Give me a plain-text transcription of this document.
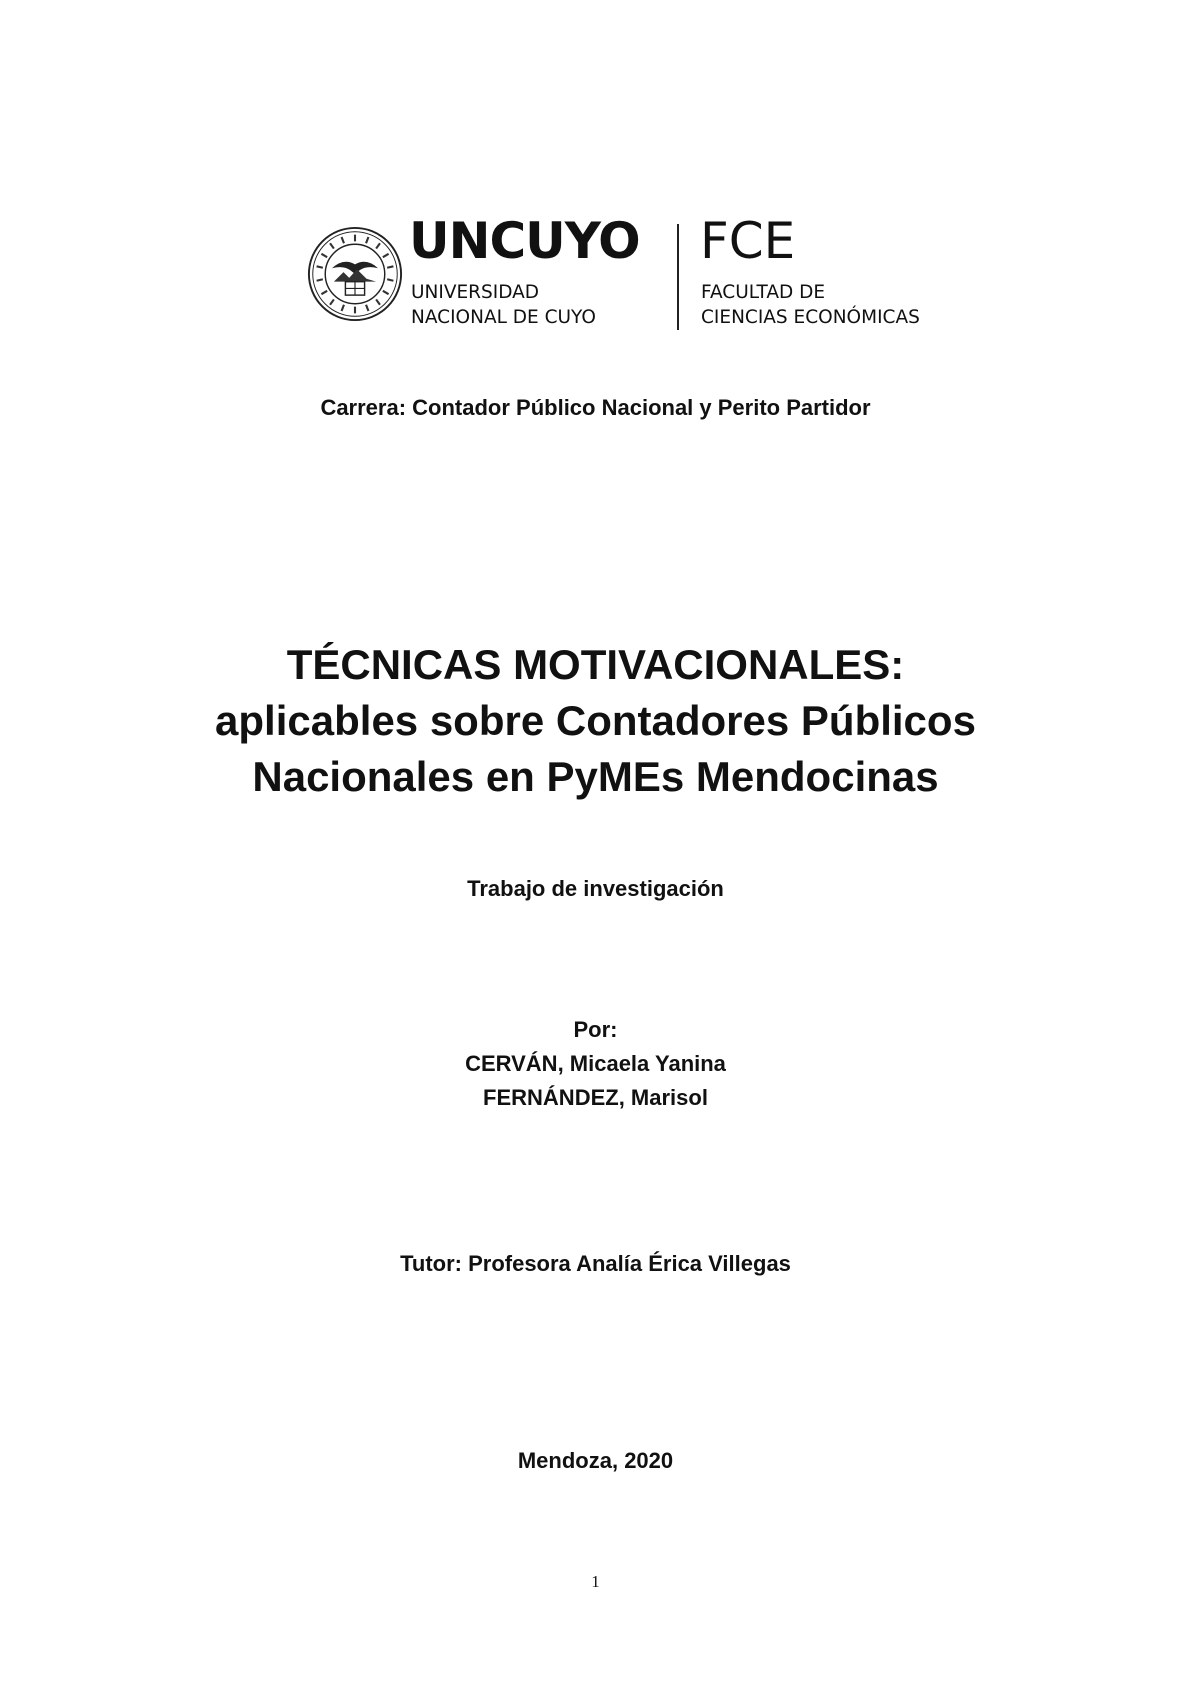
UNCUYO
UNIVERSIDAD
NACIONAL DE CUYO
FCE
FACULTAD DE
CIENCIAS ECONÓMICAS
Carrera: Contador Público Nacional y Perito Partidor
TÉCNICAS MOTIVACIONALES:
aplicables sobre Contadores Públicos
Nacionales en PyMEs Mendocinas
Trabajo de investigación
Por:
CERVÁN, Micaela Yanina
FERNÁNDEZ, Marisol
Tutor: Profesora Analía Érica Villegas
Mendoza, 2020
1
